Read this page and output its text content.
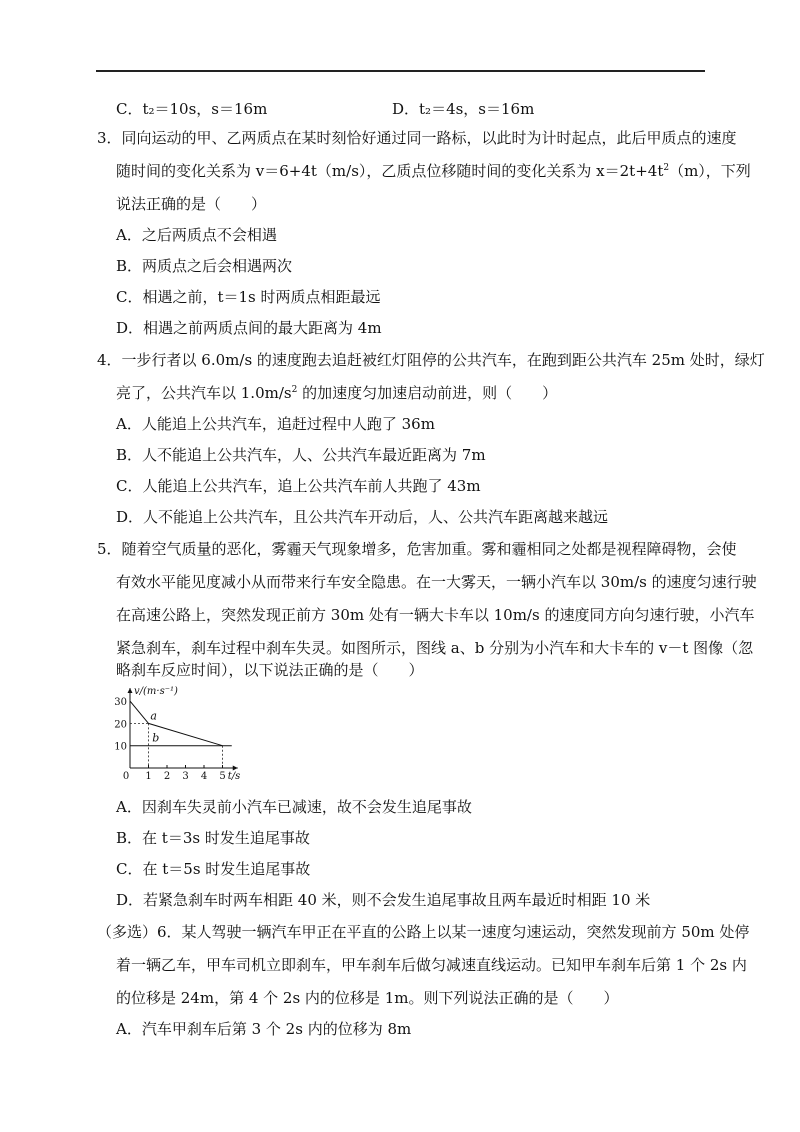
C．t₂＝10s，s＝16m	D．t₂＝4s，s＝16m
3．同向运动的甲、乙两质点在某时刻恰好通过同一路标，以此时为计时起点，此后甲质点的速度
随时间的变化关系为 v＝6+4t（m/s），乙质点位移随时间的变化关系为 $x=2t+4t^2(m)$，下列
说法正确的是（　　）
A．之后两质点不会相遇
B．两质点之后会相遇两次
C．相遇之前，t＝1s 时两质点相距最远
D．相遇之前两质点间的最大距离为 4m
4．一步行者以 6.0m/s 的速度跑去追赶被红灯阻停的公共汽车，在跑到距公共汽车 25m 处时，绿灯
亮了，公共汽车以 $1.0m/s^2$ 的加速度匀加速启动前进，则（　　）
A．人能追上公共汽车，追赶过程中人跑了 36m
B．人不能追上公共汽车，人、公共汽车最近距离为 7m
C．人能追上公共汽车，追上公共汽车前人共跑了 43m
D．人不能追上公共汽车，且公共汽车开动后，人、公共汽车距离越来越远
5．随着空气质量的恶化，雾霾天气现象增多，危害加重。雾和霾相同之处都是视程障碍物，会使
有效水平能见度减小从而带来行车安全隐患。在一大雾天，一辆小汽车以 30m/s 的速度匀速行驶
在高速公路上，突然发现正前方 30m 处有一辆大卡车以 10m/s 的速度同方向匀速行驶，小汽车
紧急刹车，刹车过程中刹车失灵。如图所示，图线 a、b 分别为小汽车和大卡车的 v－t 图像（忽
略刹车反应时间），以下说法正确的是（　　）
0 1 2 3 4 5
10
20
30
a
b
v/(m·s⁻¹)
t/s
A．因刹车失灵前小汽车已减速，故不会发生追尾事故
B．在 t＝3s 时发生追尾事故
C．在 t＝5s 时发生追尾事故
D．若紧急刹车时两车相距 40 米，则不会发生追尾事故且两车最近时相距 10 米
（多选）6．某人驾驶一辆汽车甲正在平直的公路上以某一速度匀速运动，突然发现前方 50m 处停
着一辆乙车，甲车司机立即刹车，甲车刹车后做匀减速直线运动。已知甲车刹车后第 1 个 2s 内
的位移是 24m，第 4 个 2s 内的位移是 1m。则下列说法正确的是（　　）
A．汽车甲刹车后第 3 个 2s 内的位移为 8m
